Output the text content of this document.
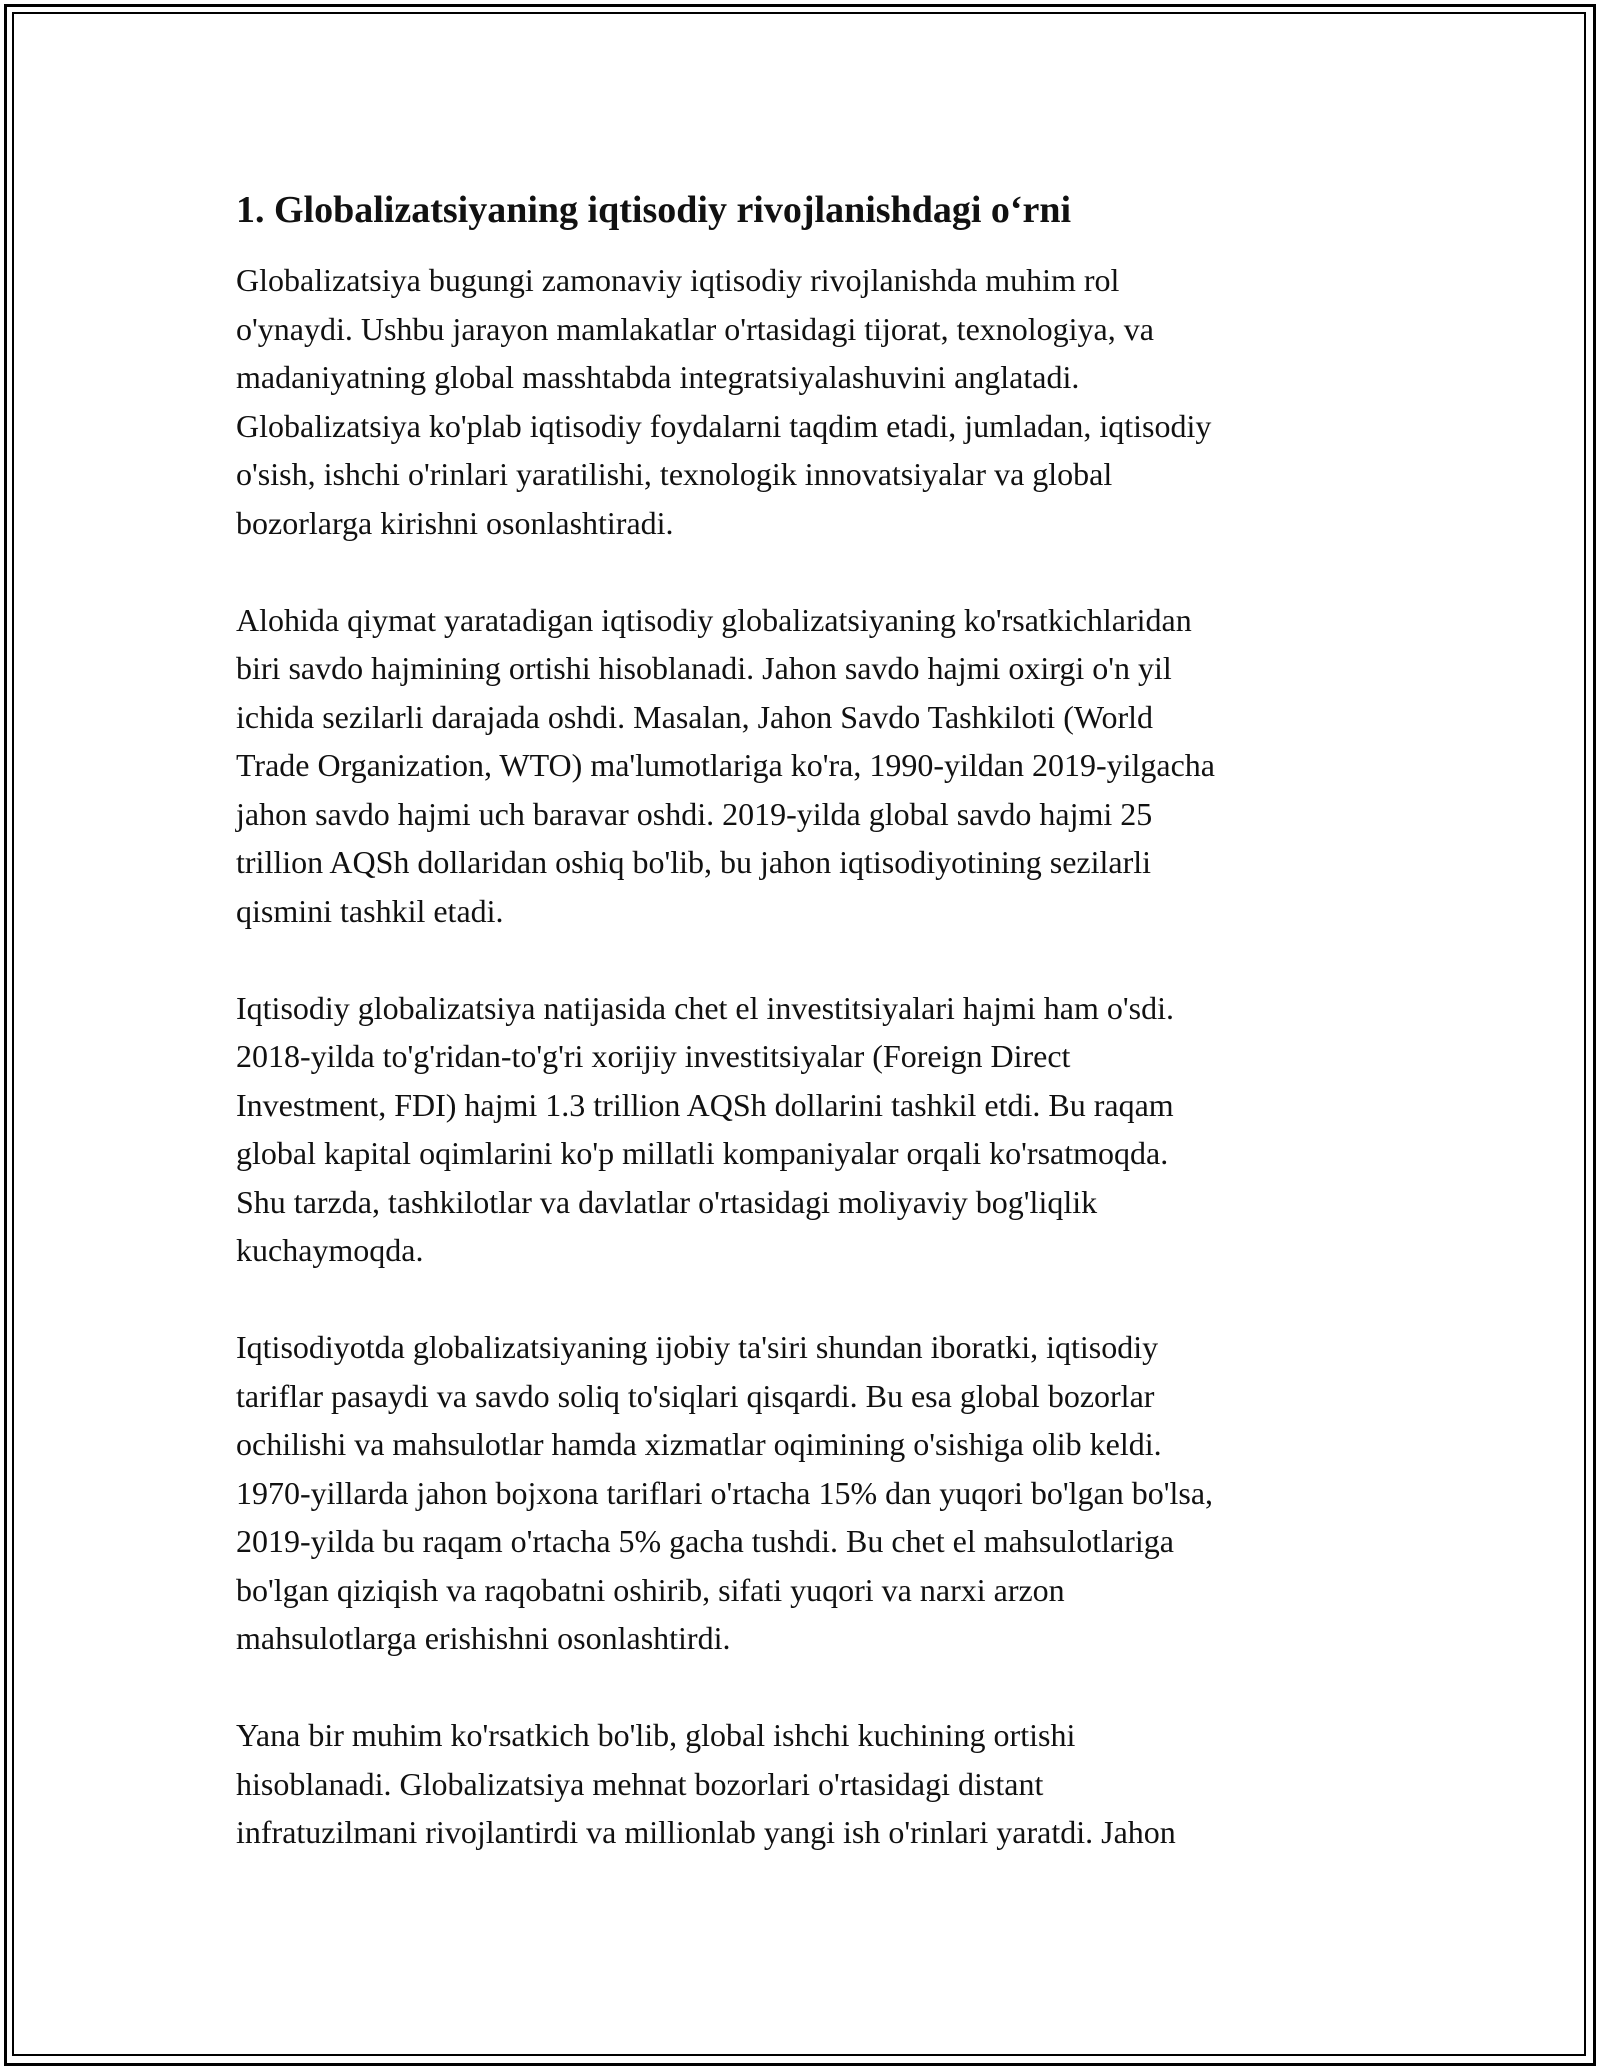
1. Globalizatsiyaning iqtisodiy rivojlanishdagi o‘rni

Globalizatsiya bugungi zamonaviy iqtisodiy rivojlanishda muhim rol
o'ynaydi. Ushbu jarayon mamlakatlar o'rtasidagi tijorat, texnologiya, va
madaniyatning global masshtabda integratsiyalashuvini anglatadi.
Globalizatsiya ko'plab iqtisodiy foydalarni taqdim etadi, jumladan, iqtisodiy
o'sish, ishchi o'rinlari yaratilishi, texnologik innovatsiyalar va global
bozorlarga kirishni osonlashtiradi.

Alohida qiymat yaratadigan iqtisodiy globalizatsiyaning ko'rsatkichlaridan
biri savdo hajmining ortishi hisoblanadi. Jahon savdo hajmi oxirgi o'n yil
ichida sezilarli darajada oshdi. Masalan, Jahon Savdo Tashkiloti (World
Trade Organization, WTO) ma'lumotlariga ko'ra, 1990-yildan 2019-yilgacha
jahon savdo hajmi uch baravar oshdi. 2019-yilda global savdo hajmi 25
trillion AQSh dollaridan oshiq bo'lib, bu jahon iqtisodiyotining sezilarli
qismini tashkil etadi.

Iqtisodiy globalizatsiya natijasida chet el investitsiyalari hajmi ham o'sdi.
2018-yilda to'g'ridan-to'g'ri xorijiy investitsiyalar (Foreign Direct
Investment, FDI) hajmi 1.3 trillion AQSh dollarini tashkil etdi. Bu raqam
global kapital oqimlarini ko'p millatli kompaniyalar orqali ko'rsatmoqda.
Shu tarzda, tashkilotlar va davlatlar o'rtasidagi moliyaviy bog'liqlik
kuchaymoqda.

Iqtisodiyotda globalizatsiyaning ijobiy ta'siri shundan iboratki, iqtisodiy
tariflar pasaydi va savdo soliq to'siqlari qisqardi. Bu esa global bozorlar
ochilishi va mahsulotlar hamda xizmatlar oqimining o'sishiga olib keldi.
1970-yillarda jahon bojxona tariflari o'rtacha 15% dan yuqori bo'lgan bo'lsa,
2019-yilda bu raqam o'rtacha 5% gacha tushdi. Bu chet el mahsulotlariga
bo'lgan qiziqish va raqobatni oshirib, sifati yuqori va narxi arzon
mahsulotlarga erishishni osonlashtirdi.

Yana bir muhim ko'rsatkich bo'lib, global ishchi kuchining ortishi
hisoblanadi. Globalizatsiya mehnat bozorlari o'rtasidagi distant
infratuzilmani rivojlantirdi va millionlab yangi ish o'rinlari yaratdi. Jahon
